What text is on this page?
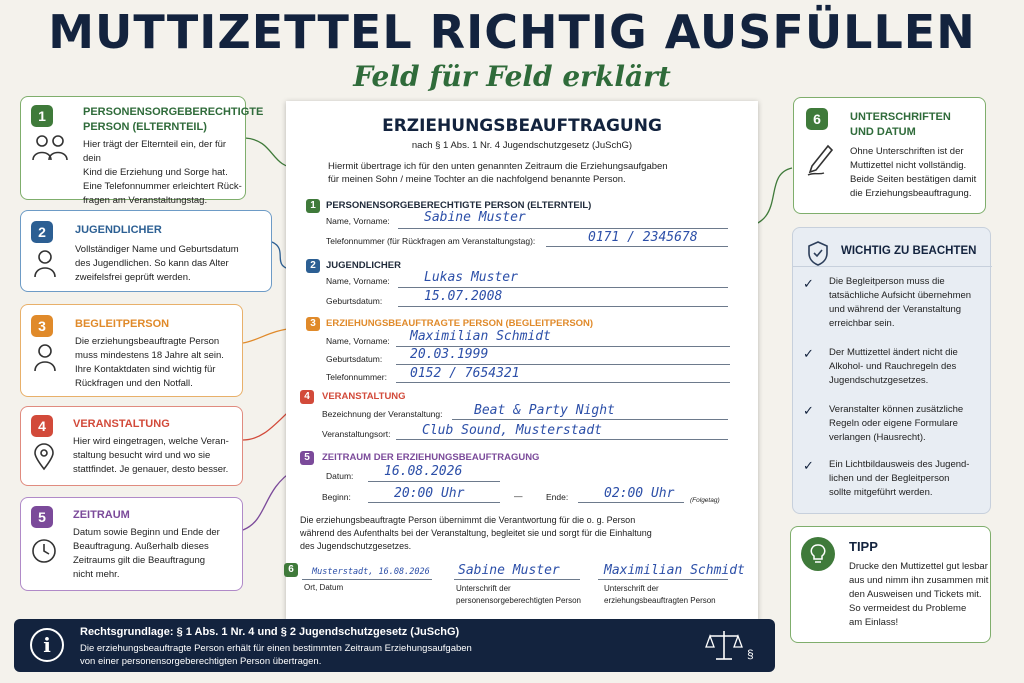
MUTTIZETTEL RICHTIG AUSFÜLLEN
Feld für Feld erklärt
1	PERSONENSORGEBERECHTIGTE
PERSON (ELTERNTEIL)
Hier trägt der Elternteil ein, der für dein
Kind die Erziehung und Sorge hat.
Eine Telefonnummer erleichtert Rück-
fragen am Veranstaltungstag.
2	JUGENDLICHER
Vollständiger Name und Geburtsdatum
des Jugendlichen. So kann das Alter
zweifelsfrei geprüft werden.
3	BEGLEITPERSON
Die erziehungsbeauftragte Person
muss mindestens 18 Jahre alt sein.
Ihre Kontaktdaten sind wichtig für
Rückfragen und den Notfall.
4	VERANSTALTUNG
Hier wird eingetragen, welche Veran-
staltung besucht wird und wo sie
stattfindet. Je genauer, desto besser.
5	ZEITRAUM
Datum sowie Beginn und Ende der
Beauftragung. Außerhalb dieses
Zeitraums gilt die Beauftragung
nicht mehr.
6	UNTERSCHRIFTEN
UND DATUM
Ohne Unterschriften ist der
Muttizettel nicht vollständig.
Beide Seiten bestätigen damit
die Erziehungsbeauftragung.
ERZIEHUNGSBEAUFTRAGUNG
nach § 1 Abs. 1 Nr. 4 Jugendschutzgesetz (JuSchG)
Hiermit übertrage ich für den unten genannten Zeitraum die Erziehungsaufgaben
für meinen Sohn / meine Tochter an die nachfolgend benannte Person.
1	PERSONENSORGEBERECHTIGTE PERSON (ELTERNTEIL)
Name, Vorname:	Sabine Muster
Telefonnummer (für Rückfragen am Veranstaltungstag):	0171 / 2345678
2	JUGENDLICHER
Name, Vorname:	Lukas Muster
Geburtsdatum:	15.07.2008
3	ERZIEHUNGSBEAUFTRAGTE PERSON (BEGLEITPERSON)
Name, Vorname: Maximilian Schmidt
Geburtsdatum: 20.03.1999
Telefonnummer: 0152 / 7654321
4	VERANSTALTUNG
Bezeichnung der Veranstaltung: Beat & Party Night
Veranstaltungsort: Club Sound, Musterstadt
5	ZEITRAUM DER ERZIEHUNGSBEAUFTRAGUNG
Datum: 16.08.2026
Beginn:	20:00 Uhr	—	Ende:	02:00 Uhr (Folgetag)
Die erziehungsbeauftragte Person übernimmt die Verantwortung für die o. g. Person
während des Aufenthalts bei der Veranstaltung, begleitet sie und sorgt für die Einhaltung
des Jugendschutzgesetzes.
6	Musterstadt, 16.08.2026
Ort, Datum
Sabine Muster
Unterschrift der
personensorgeberechtigten Person
Maximilian Schmidt
Unterschrift der
erziehungsbeauftragten Person
WICHTIG ZU BEACHTEN
✓ Die Begleitperson muss die
tatsächliche Aufsicht übernehmen
und während der Veranstaltung
erreichbar sein.
✓ Der Muttizettel ändert nicht die
Alkohol- und Rauchregeln des
Jugendschutzgesetzes.
✓ Veranstalter können zusätzliche
Regeln oder eigene Formulare
verlangen (Hausrecht).
✓ Ein Lichtbildausweis des Jugend-
lichen und der Begleitperson
sollte mitgeführt werden.
TIPP
Drucke den Muttizettel gut lesbar
aus und nimm ihn zusammen mit
den Ausweisen und Tickets mit.
So vermeidest du Probleme
am Einlass!
i
Rechtsgrundlage: § 1 Abs. 1 Nr. 4 und § 2 Jugendschutzgesetz (JuSchG)
Die erziehungsbeauftragte Person erhält für einen bestimmten Zeitraum Erziehungsaufgaben
von einer personensorgeberechtigten Person übertragen.
§
